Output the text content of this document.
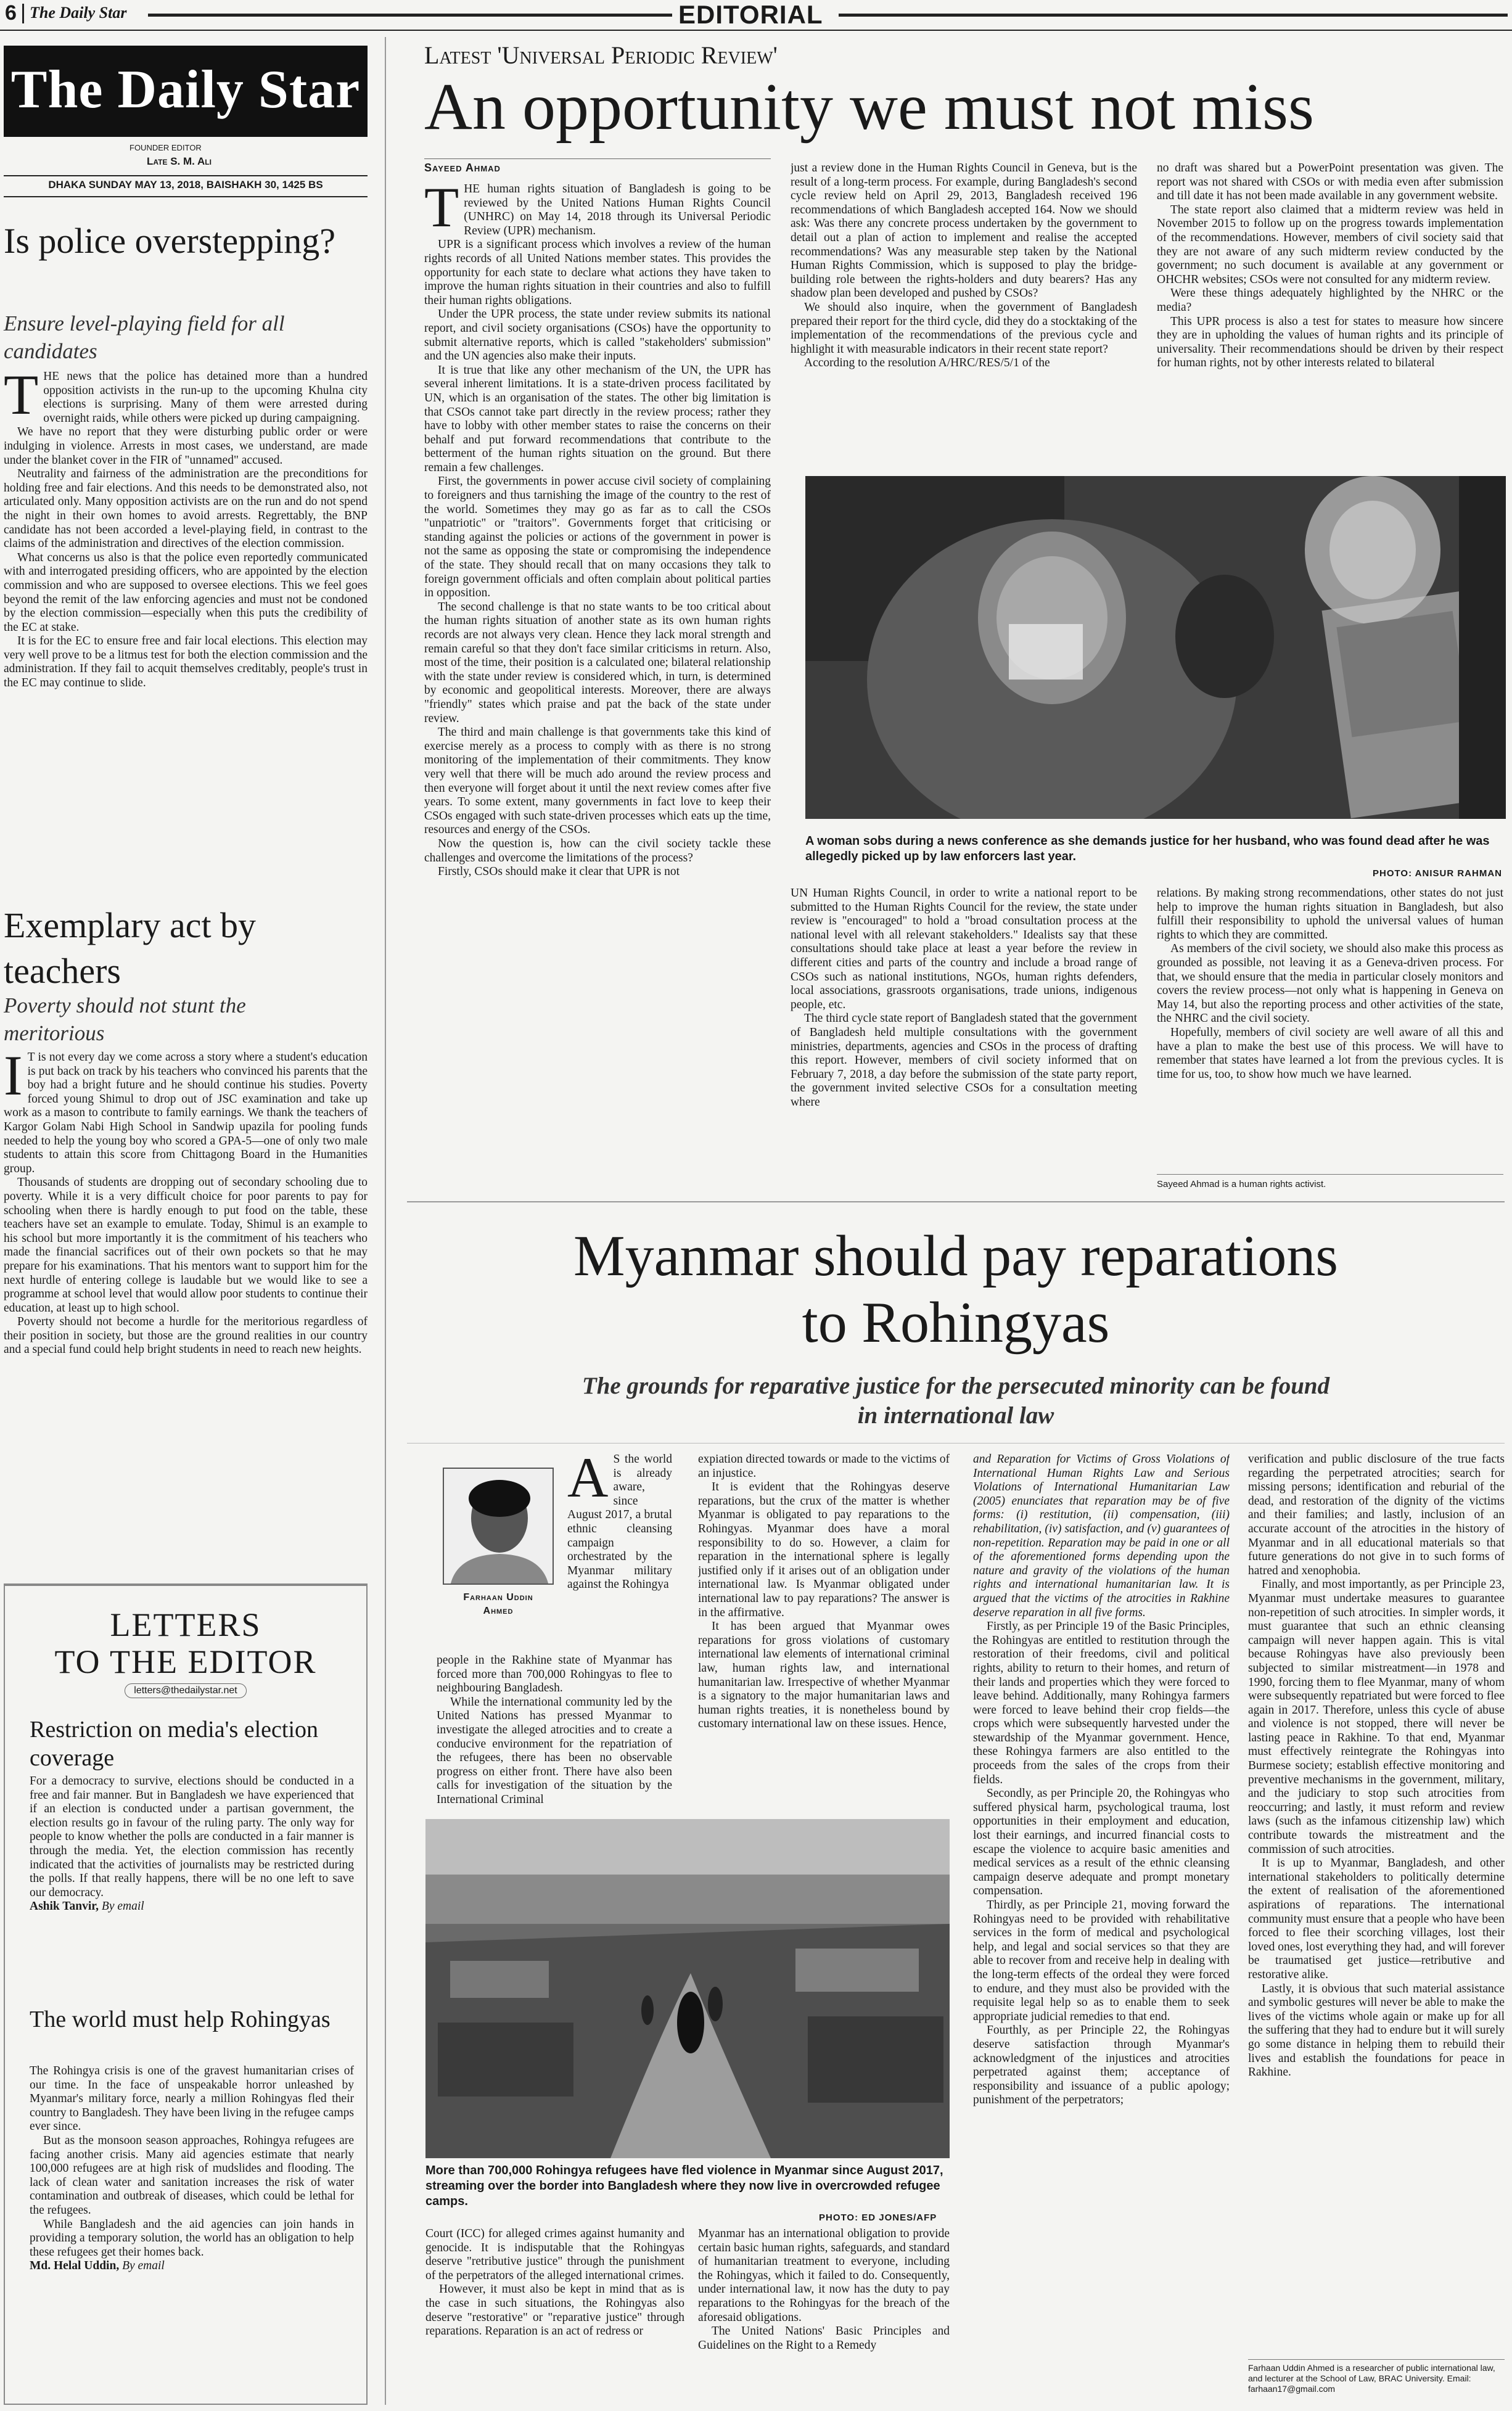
6 The Daily Star	EDITORIAL
The Daily Star
FOUNDER EDITOR
Late S. M. Ali
DHAKA SUNDAY MAY 13, 2018, BAISHAKH 30, 1425 BS
Is police overstepping?
Ensure level-playing field for all candidates
T HE news that the police has detained more than a hundred opposition activists in the run-up to the upcoming Khulna city elections is surprising. Many of them were arrested during overnight raids, while others were picked up during campaigning.

We have no report that they were disturbing public order or were indulging in violence. Arrests in most cases, we understand, are made under the blanket cover in the FIR of "unnamed" accused.

Neutrality and fairness of the administration are the preconditions for holding free and fair elections. And this needs to be demonstrated also, not articulated only. Many opposition activists are on the run and do not spend the night in their own homes to avoid arrests. Regrettably, the BNP candidate has not been accorded a level-playing field, in contrast to the claims of the administration and directives of the election commission.

What concerns us also is that the police even reportedly communicated with and interrogated presiding officers, who are appointed by the election commission and who are supposed to oversee elections. This we feel goes beyond the remit of the law enforcing agencies and must not be condoned by the election commission—especially when this puts the credibility of the EC at stake.

It is for the EC to ensure free and fair local elections. This election may very well prove to be a litmus test for both the election commission and the administration. If they fail to acquit themselves creditably, people's trust in the EC may continue to slide.

Exemplary act by teachers
Poverty should not stunt the meritorious
I T is not every day we come across a story where a student's education is put back on track by his teachers who convinced his parents that the boy had a bright future and he should continue his studies. Poverty forced young Shimul to drop out of JSC examination and take up work as a mason to contribute to family earnings. We thank the teachers of Kargor Golam Nabi High School in Sandwip upazila for pooling funds needed to help the young boy who scored a GPA-5—one of only two male students to attain this score from Chittagong Board in the Humanities group.

Thousands of students are dropping out of secondary schooling due to poverty. While it is a very difficult choice for poor parents to pay for schooling when there is hardly enough to put food on the table, these teachers have set an example to emulate. Today, Shimul is an example to his school but more importantly it is the commitment of his teachers who made the financial sacrifices out of their own pockets so that he may prepare for his examinations. That his mentors want to support him for the next hurdle of entering college is laudable but we would like to see a programme at school level that would allow poor students to continue their education, at least up to high school.

Poverty should not become a hurdle for the meritorious regardless of their position in society, but those are the ground realities in our country and a special fund could help bright students in need to reach new heights.

LETTERS
TO THE EDITOR
letters@thedailystar.net
Restriction on media's election coverage

For a democracy to survive, elections should be conducted in a free and fair manner. But in Bangladesh we have experienced that if an election is conducted under a partisan government, the election results go in favour of the ruling party. The only way for people to know whether the polls are conducted in a fair manner is through the media. Yet, the election commission has recently indicated that the activities of journalists may be restricted during the polls. If that really happens, there will be no one left to save our democracy.

Ashik Tanvir, By email

The world must help Rohingyas

The Rohingya crisis is one of the gravest humanitarian crises of our time. In the face of unspeakable horror unleashed by Myanmar's military force, nearly a million Rohingyas fled their country to Bangladesh. They have been living in the refugee camps ever since.

But as the monsoon season approaches, Rohingya refugees are facing another crisis. Many aid agencies estimate that nearly 100,000 refugees are at high risk of mudslides and flooding. The lack of clean water and sanitation increases the risk of water contamination and outbreak of diseases, which could be lethal for the refugees.

While Bangladesh and the aid agencies can join hands in providing a temporary solution, the world has an obligation to help these refugees get their homes back.

Md. Helal Uddin, By email

Latest 'Universal Periodic Review'
An opportunity we must not miss
Sayeed Ahmad
T HE human rights situation of Bangladesh is going to be reviewed by the United Nations Human Rights Council (UNHRC) on May 14, 2018 through its Universal Periodic Review (UPR) mechanism.

UPR is a significant process which involves a review of the human rights records of all United Nations member states. This provides the opportunity for each state to declare what actions they have taken to improve the human rights situation in their countries and also to fulfill their human rights obligations.

Under the UPR process, the state under review submits its national report, and civil society organisations (CSOs) have the opportunity to submit alternative reports, which is called "stakeholders' submission" and the UN agencies also make their inputs.

It is true that like any other mechanism of the UN, the UPR has several inherent limitations. It is a state-driven process facilitated by UN, which is an organisation of the states. The other big limitation is that CSOs cannot take part directly in the review process; rather they have to lobby with other member states to raise the concerns on their behalf and put forward recommendations that contribute to the betterment of the human rights situation on the ground. But there remain a few challenges.

First, the governments in power accuse civil society of complaining to foreigners and thus tarnishing the image of the country to the rest of the world. Sometimes they may go as far as to call the CSOs "unpatriotic" or "traitors". Governments forget that criticising or standing against the policies or actions of the government in power is not the same as opposing the state or compromising the independence of the state. They should recall that on many occasions they talk to foreign government officials and often complain about political parties in opposition.

The second challenge is that no state wants to be too critical about the human rights situation of another state as its own human rights records are not always very clean. Hence they lack moral strength and remain careful so that they don't face similar criticisms in return. Also, most of the time, their position is a calculated one; bilateral relationship with the state under review is considered which, in turn, is determined by economic and geopolitical interests. Moreover, there are always "friendly" states which praise and pat the back of the state under review.

The third and main challenge is that governments take this kind of exercise merely as a process to comply with as there is no strong monitoring of the implementation of their commitments. They know very well that there will be much ado around the review process and then everyone will forget about it until the next review comes after five years. To some extent, many governments in fact love to keep their CSOs engaged with such state-driven processes which eats up the time, resources and energy of the CSOs.

Now the question is, how can the civil society tackle these challenges and overcome the limitations of the process?

Firstly, CSOs should make it clear that UPR is not

just a review done in the Human Rights Council in Geneva, but is the result of a long-term process. For example, during Bangladesh's second cycle review held on April 29, 2013, Bangladesh received 196 recommendations of which Bangladesh accepted 164. Now we should ask: Was there any concrete process undertaken by the government to detail out a plan of action to implement and realise the accepted recommendations? Was any measurable step taken by the National Human Rights Commission, which is supposed to play the bridge-building role between the rights-holders and duty bearers? Has any shadow plan been developed and pushed by CSOs?

We should also inquire, when the government of Bangladesh prepared their report for the third cycle, did they do a stocktaking of the implementation of the recommendations of the previous cycle and highlight it with measurable indicators in their recent state report?

According to the resolution A/HRC/RES/5/1 of the

no draft was shared but a PowerPoint presentation was given. The report was not shared with CSOs or with media even after submission and till date it has not been made available in any government website.

The state report also claimed that a midterm review was held in November 2015 to follow up on the progress towards implementation of the recommendations. However, members of civil society said that they are not aware of any such midterm review conducted by the government; no such document is available at any government or OHCHR websites; CSOs were not consulted for any midterm review.

Were these things adequately highlighted by the NHRC or the media?

This UPR process is also a test for states to measure how sincere they are in upholding the values of human rights and its principle of universality. Their recommendations should be driven by their respect for human rights, not by other interests related to bilateral

A woman sobs during a news conference as she demands justice for her husband, who was found dead after he was allegedly picked up by law enforcers last year.
PHOTO: ANISUR RAHMAN

UN Human Rights Council, in order to write a national report to be submitted to the Human Rights Council for the review, the state under review is "encouraged" to hold a "broad consultation process at the national level with all relevant stakeholders." Idealists say that these consultations should take place at least a year before the review in different cities and parts of the country and include a broad range of CSOs such as national institutions, NGOs, human rights defenders, local associations, grassroots organisations, trade unions, indigenous people, etc.

The third cycle state report of Bangladesh stated that the government of Bangladesh held multiple consultations with the government ministries, departments, agencies and CSOs in the process of drafting this report. However, members of civil society informed that on February 7, 2018, a day before the submission of the state party report, the government invited selective CSOs for a consultation meeting where

relations. By making strong recommendations, other states do not just help to improve the human rights situation in Bangladesh, but also fulfill their responsibility to uphold the universal values of human rights to which they are committed.

As members of the civil society, we should also make this process as grounded as possible, not leaving it as a Geneva-driven process. For that, we should ensure that the media in particular closely monitors and covers the review process—not only what is happening in Geneva on May 14, but also the reporting process and other activities of the state, the NHRC and the civil society.

Hopefully, members of civil society are well aware of all this and have a plan to make the best use of this process. We will have to remember that states have learned a lot from the previous cycles. It is time for us, too, to show how much we have learned.

Sayeed Ahmad is a human rights activist.
Myanmar should pay reparations
to Rohingyas
The grounds for reparative justice for the persecuted minority can be found
in international law
Farhaan Uddin
Ahmed
A S the world is already aware, since August 2017, a brutal ethnic cleansing campaign orchestrated by the Myanmar military against the Rohingya

people in the Rakhine state of Myanmar has forced more than 700,000 Rohingyas to flee to neighbouring Bangladesh.

While the international community led by the United Nations has pressed Myanmar to investigate the alleged atrocities and to create a conducive environment for the repatriation of the refugees, there has been no observable progress on either front. There have also been calls for investigation of the situation by the International Criminal

expiation directed towards or made to the victims of an injustice.

It is evident that the Rohingyas deserve reparations, but the crux of the matter is whether Myanmar is obligated to pay reparations to the Rohingyas. Myanmar does have a moral responsibility to do so. However, a claim for reparation in the international sphere is legally justified only if it arises out of an obligation under international law. Is Myanmar obligated under international law to pay reparations? The answer is in the affirmative.

It has been argued that Myanmar owes reparations for gross violations of customary international law elements of international criminal law, human rights law, and international humanitarian law. Irrespective of whether Myanmar is a signatory to the major humanitarian laws and human rights treaties, it is nonetheless bound by customary international law on these issues. Hence,

More than 700,000 Rohingya refugees have fled violence in Myanmar since August 2017, streaming over the border into Bangladesh where they now live in overcrowded refugee camps.
PHOTO: ED JONES/AFP

Court (ICC) for alleged crimes against humanity and genocide. It is indisputable that the Rohingyas deserve "retributive justice" through the punishment of the perpetrators of the alleged international crimes.

However, it must also be kept in mind that as is the case in such situations, the Rohingyas also deserve "restorative" or "reparative justice" through reparations. Reparation is an act of redress or

Myanmar has an international obligation to provide certain basic human rights, safeguards, and standard of humanitarian treatment to everyone, including the Rohingyas, which it failed to do. Consequently, under international law, it now has the duty to pay reparations to the Rohingyas for the breach of the aforesaid obligations.

The United Nations' Basic Principles and Guidelines on the Right to a Remedy

and Reparation for Victims of Gross Violations of International Human Rights Law and Serious Violations of International Humanitarian Law (2005) enunciates that reparation may be of five forms: (i) restitution, (ii) compensation, (iii) rehabilitation, (iv) satisfaction, and (v) guarantees of non-repetition. Reparation may be paid in one or all of the aforementioned forms depending upon the nature and gravity of the violations of the human rights and international humanitarian law. It is argued that the victims of the atrocities in Rakhine deserve reparation in all five forms.

Firstly, as per Principle 19 of the Basic Principles, the Rohingyas are entitled to restitution through the restoration of their freedoms, civil and political rights, ability to return to their homes, and return of their lands and properties which they were forced to leave behind. Additionally, many Rohingya farmers were forced to leave behind their crop fields—the crops which were subsequently harvested under the stewardship of the Myanmar government. Hence, these Rohingya farmers are also entitled to the proceeds from the sales of the crops from their fields.

Secondly, as per Principle 20, the Rohingyas who suffered physical harm, psychological trauma, lost opportunities in their employment and education, lost their earnings, and incurred financial costs to escape the violence to acquire basic amenities and medical services as a result of the ethnic cleansing campaign deserve adequate and prompt monetary compensation.

Thirdly, as per Principle 21, moving forward the Rohingyas need to be provided with rehabilitative services in the form of medical and psychological help, and legal and social services so that they are able to recover from and receive help in dealing with the long-term effects of the ordeal they were forced to endure, and they must also be provided with the requisite legal help so as to enable them to seek appropriate judicial remedies to that end.

Fourthly, as per Principle 22, the Rohingyas deserve satisfaction through Myanmar's acknowledgment of the injustices and atrocities perpetrated against them; acceptance of responsibility and issuance of a public apology; punishment of the perpetrators;

verification and public disclosure of the true facts regarding the perpetrated atrocities; search for missing persons; identification and reburial of the dead, and restoration of the dignity of the victims and their families; and lastly, inclusion of an accurate account of the atrocities in the history of Myanmar and in all educational materials so that future generations do not give in to such forms of hatred and xenophobia.

Finally, and most importantly, as per Principle 23, Myanmar must undertake measures to guarantee non-repetition of such atrocities. In simpler words, it must guarantee that such an ethnic cleansing campaign will never happen again. This is vital because Rohingyas have also previously been subjected to similar mistreatment—in 1978 and 1990, forcing them to flee Myanmar, many of whom were subsequently repatriated but were forced to flee again in 2017. Therefore, unless this cycle of abuse and violence is not stopped, there will never be lasting peace in Rakhine. To that end, Myanmar must effectively reintegrate the Rohingyas into Burmese society; establish effective monitoring and preventive mechanisms in the government, military, and the judiciary to stop such atrocities from reoccurring; and lastly, it must reform and review laws (such as the infamous citizenship law) which contribute towards the mistreatment and the commission of such atrocities.

It is up to Myanmar, Bangladesh, and other international stakeholders to politically determine the extent of realisation of the aforementioned aspirations of reparations. The international community must ensure that a people who have been forced to flee their scorching villages, lost their loved ones, lost everything they had, and will forever be traumatised get justice—retributive and restorative alike.

Lastly, it is obvious that such material assistance and symbolic gestures will never be able to make the lives of the victims whole again or make up for all the suffering that they had to endure but it will surely go some distance in helping them to rebuild their lives and establish the foundations for peace in Rakhine.

Farhaan Uddin Ahmed is a researcher of public international law, and lecturer at the School of Law, BRAC University. Email: farhaan17@gmail.com
